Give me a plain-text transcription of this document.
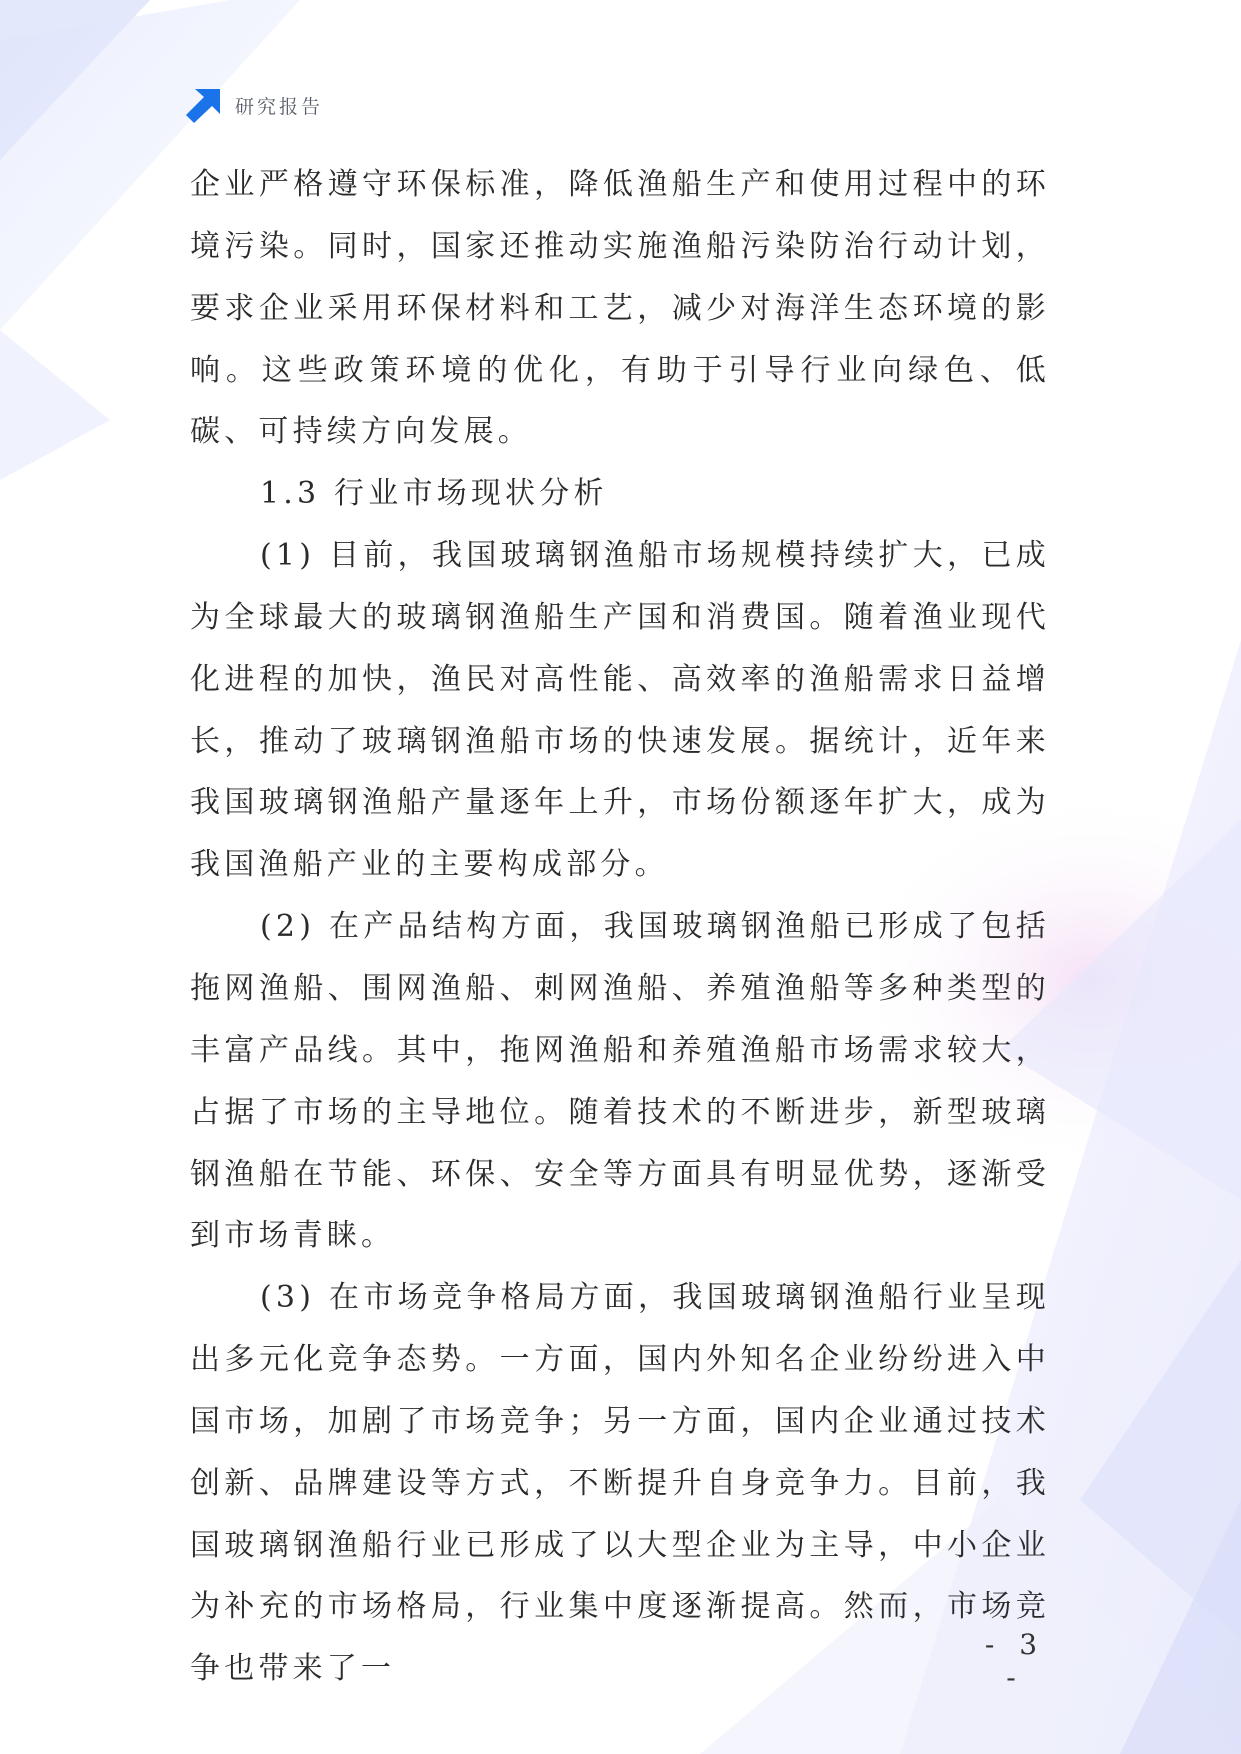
研究报告

企业严格遵守环保标准，降低渔船生产和使用过程中的环境污染。同时，国家还推动实施渔船污染防治行动计划，要求企业采用环保材料和工艺，减少对海洋生态环境的影响。这些政策环境的优化，有助于引导行业向绿色、低碳、可持续方向发展。

1.3 行业市场现状分析

(1) 目前，我国玻璃钢渔船市场规模持续扩大，已成为全球最大的玻璃钢渔船生产国和消费国。随着渔业现代化进程的加快，渔民对高性能、高效率的渔船需求日益增长，推动了玻璃钢渔船市场的快速发展。据统计，近年来我国玻璃钢渔船产量逐年上升，市场份额逐年扩大，成为我国渔船产业的主要构成部分。

(2) 在产品结构方面，我国玻璃钢渔船已形成了包括拖网渔船、围网渔船、刺网渔船、养殖渔船等多种类型的丰富产品线。其中，拖网渔船和养殖渔船市场需求较大，占据了市场的主导地位。随着技术的不断进步，新型玻璃钢渔船在节能、环保、安全等方面具有明显优势，逐渐受到市场青睐。

(3) 在市场竞争格局方面，我国玻璃钢渔船行业呈现出多元化竞争态势。一方面，国内外知名企业纷纷进入中国市场，加剧了市场竞争；另一方面，国内企业通过技术创新、品牌建设等方式，不断提升自身竞争力。目前，我国玻璃钢渔船行业已形成了以大型企业为主导，中小企业为补充的市场格局，行业集中度逐渐提高。然而，市场竞争也带来了一

- 3 -
